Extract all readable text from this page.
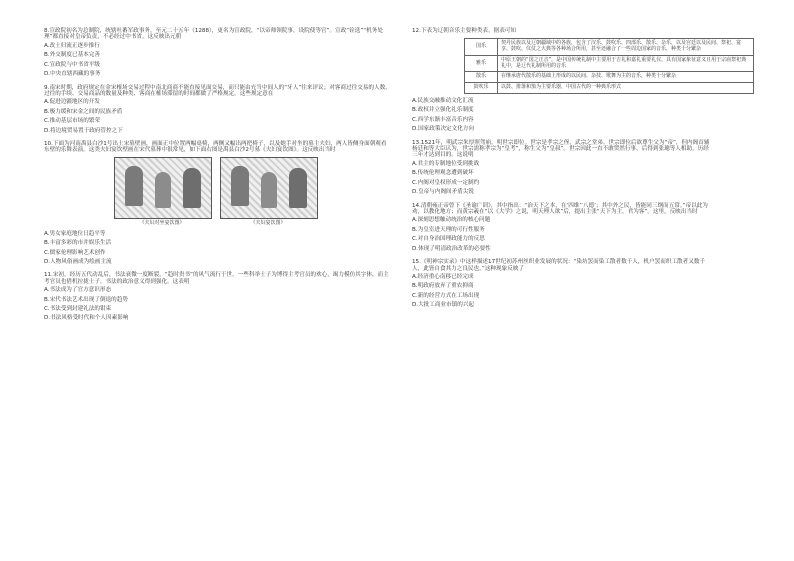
8.宣政院初名为总制院，统辖吐蕃军政事务。至元二十五年（1288），更名为宣政院，“以帝师领院事，设院使等官”。宣政“铨选”“机务处理”都直接对皇帝负责，不必经过中书省。这反映出元朝

A.改土归流正逐步推行

B.外交制度已基本完善

C.宣政院与中书省平级

D.中央直辖西藏的事务

9.南宋时期，政府规定在金宋榷场交易过程中南北商商不能直接见面交易，而只能由充当中间人的“牙人”往来评议；对客商过往交易的人数、过往的手续、交易商品的数量及种类、客商在榷场滞留的时间都做了严格规定。这些规定意在

A.促进边疆地区的开发

B.极力缓和宋金之间的民族矛盾

C.推动基层市场的繁荣

D.将边境贸易置于政府管控之下

10.下面为河南禹县白沙1号出土宋墓壁画，画面正中位置两幅桌椅，两侧又幅出两把椅子，以及她手对坐的墓主夫妇，两人皆侧身面朝观看东壁的乐舞表演。这类夫妇宴饮壁画在宋代墓葬中很常见，如下面右图是禹县白沙2号墓《夫妇宴饮图》。这反映出当时

《夫妇对坐宴饮图》	《夫妇宴饮图》

A.男女家庭地位日趋平等

B.丰富多彩的市井娱乐生活

C.儒家伦理影响艺术创作

D.人物风俗画成为绘画主流

11.宋初，经历五代动乱后，书法衰微一度断裂，“趋时贵书”的风气流行于世。一些科举士子为博得主考官员的欢心，竭力模仿其字体，而主考官员也借机拉拢士子，书法的政治意义得到强化。这表明

A.书法成为了官方意识形态

B.宋代书法艺术出现了倒退的趋势

C.书法受到封建礼法的钳束

D.书法风格受时代和个人因素影响

12.下表为辽朝音乐主要种类表。据表可知

国乐	契丹民族以及辽朝疆域中的各族，包含了汉乐、鼓吹乐、四部乐、散乐、杂乐，以及宫廷以及民间、祭祀、宴享、鼓吹、仪仗之大典等各种场合所用，甚至还融合了一些周边国家的音乐，种类十分繁杂
雅乐	中原王朝的“国之正音”，是中国传统礼制中主要用于吉礼和嘉礼重要礼仪，具有国家象征意义且用于宗庙祭祀典礼中，是辽代礼制所用的音乐
散乐	在继承唐代散乐的基础上形成的以民间、杂技、歌舞为主的音乐，种类十分繁杂
鼓吹乐	以鼓、排箫和笳为主要乐器，中国古代的一种典乐形式

A.民族交融推动文化汇流

B.政权并立强化礼乐制度

C.西学东渐丰富音乐内容

D.国家政策决定文化方向

13.1521年，明武宗朱厚照驾崩，明世宗即位。世宗是孝宗之侄，武宗之堂弟。世宗即位后欲尊生父为“帝”，但内阁首辅杨廷和等大臣认为，世宗需称孝宗为“皇考”，称生父为“皇叔”。世宗因此一直不敢贸然行事，后得到张璁等人相助，历经三年才达到目的。这说明

A.君主的专制地位受到挑战

B.传统伦理观念遭到破坏

C.内阁对皇权形成一定制约

D.皇帝与内阁间矛盾尖锐

14.清朝雍正帝曾下《圣谕广训》，其中指出：“治天下之本，在‘四维’‘八德’；其中外之民，皆能同三纲而五常。”帝以此为劝，以教化地方；而黄宗羲在“以《大学》之说，明天理人欲”后，提出主张“天下为主，君为客”。这里，反映出当时

A.深刻思想触动统治的核心问题

B.为皇室进天理的可行性服务

C.对自身治国理政能力的反思

D.体现了明清政治改革的必要性

15.《明神宗实录》中这样描述17世纪初苏州丝织业发展的状况：“染坊罢而染工散者数千人，机户罢而织工散者又数千人，此皆自食其力之良民也。”这种现象反映了

A.经济重心南移已经完成

B.明政府放弃了重农抑商

C.新的经营方式在工场出现

D.大批工商业市镇的兴起
